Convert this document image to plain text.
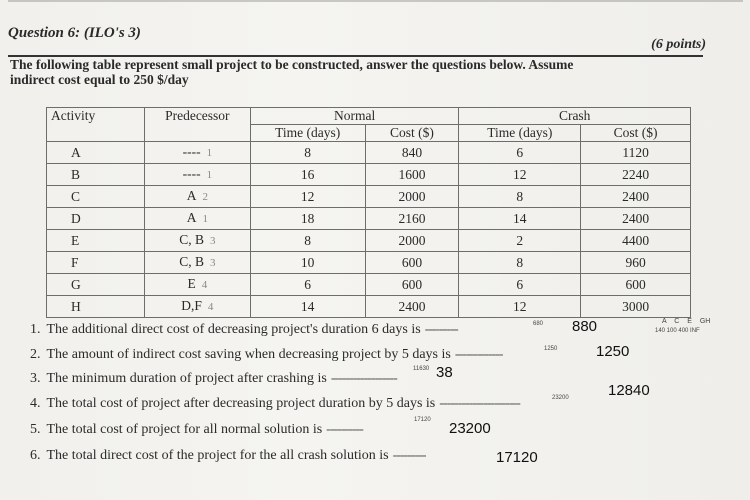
Question 6: (ILO's 3)
(6 points)
The following table represent small project to be constructed, answer the questions below. Assume
indirect cost equal to 250 $/day
Activity	Predecessor	Normal		Crash	
		Time (days)	Cost ($)	Time (days)	Cost ($)
A	---- 1	8	840	6	1120
B	---- 1	16	1600	12	2240
C	A 2	12	2000	8	2400
D	A 1	18	2160	14	2400
E	C, B 3	8	2000	2	4400
F	C, B 3	10	600	8	960
G	E 4	6	600	6	600
H	D,F 4	14	2400	12	3000
1. The additional direct cost of decreasing project's duration 6 days is ---------	880
680
2. The amount of indirect cost saving when decreasing project by 5 days is -------------	1250
1250
3. The minimum duration of project after crashing is ------------------	38
11630
4. The total cost of project after decreasing project duration by 5 days is ----------------------
12840
23200
5. The total cost of project for all normal solution is ----------	23200
17120
6. The total direct cost of the project for the all crash solution is ---------	17120
A C E GH
140 100 400 INF
